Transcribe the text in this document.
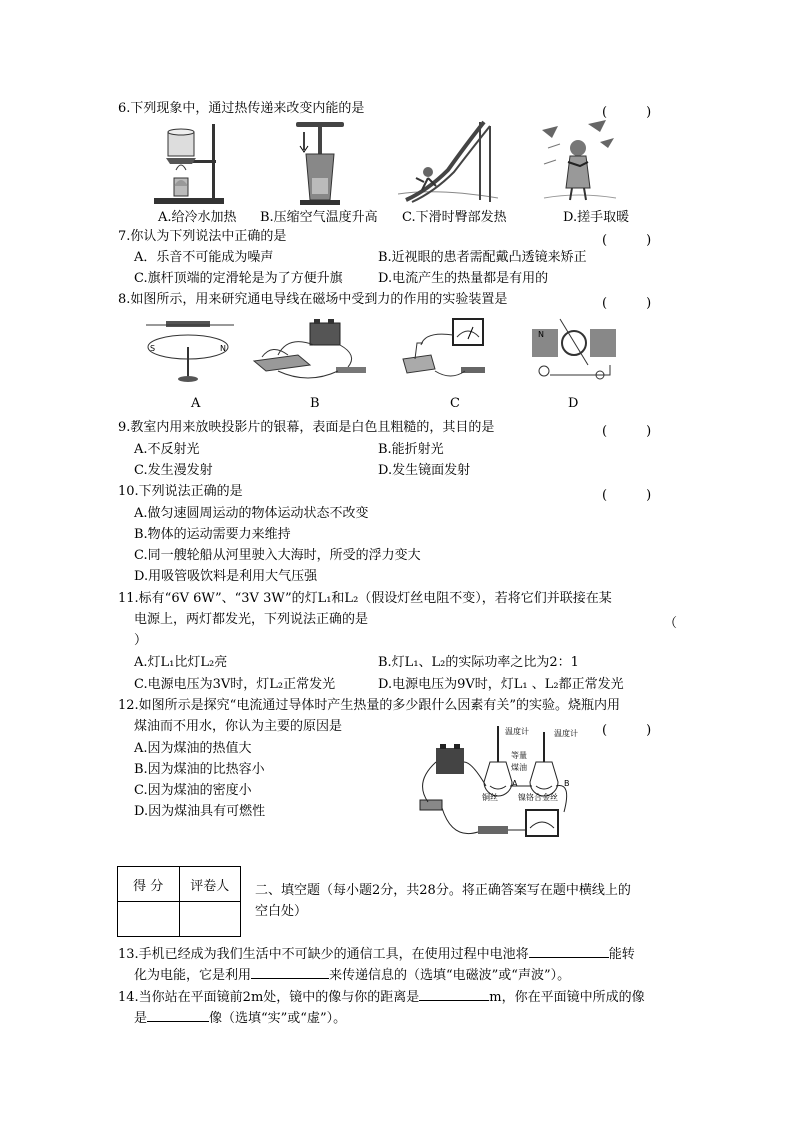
6.下列现象中，通过热传递来改变内能的是	(　　　)
A.给冷水加热 B.压缩空气温度升高 C.下滑时臀部发热	D.搓手取暖
7.你认为下列说法中正确的是	(　　　)
A．乐音不可能成为噪声	B.近视眼的患者需配戴凸透镜来矫正
C.旗杆顶端的定滑轮是为了方便升旗	D.电流产生的热量都是有用的
8.如图所示，用来研究通电导线在磁场中受到力的作用的实验装置是	(　　　)
S	N
N
A	B	C	D
9.教室内用来放映投影片的银幕，表面是白色且粗糙的，其目的是	(　　　)
A.不反射光	B.能折射光
C.发生漫发射	D.发生镜面发射
10.下列说法正确的是	(　　　)
A.做匀速圆周运动的物体运动状态不改变
B.物体的运动需要力来维持
C.同一艘轮船从河里驶入大海时，所受的浮力变大
D.用吸管吸饮料是利用大气压强
11.标有“6V 6W”、“3V 3W”的灯L₁和L₂（假设灯丝电阻不变），若将它们并联接在某
电源上，两灯都发光，下列说法正确的是	（
）
A.灯L₁比灯L₂亮	B.灯L₁、L₂的实际功率之比为2：1
C.电源电压为3V时，灯L₂正常发光	D.电源电压为9V时，灯L₁ 、L₂都正常发光
12.如图所示是探究“电流通过导体时产生热量的多少跟什么因素有关”的实验。烧瓶内用
煤油而不用水，你认为主要的原因是	(　　　)
A.因为煤油的热值大
B.因为煤油的比热容小
C.因为煤油的密度小
D.因为煤油具有可燃性
温度计	温度计
等量
煤油
A	B
铜丝	镍铬合金丝
得 分	评卷人
	二、填空题（每小题2分，共28分。将正确答案写在题中横线上的
空白处）
13.手机已经成为我们生活中不可缺少的通信工具，在使用过程中电池将	能转
化为电能，它是利用	来传递信息的（选填“电磁波”或“声波”）。
14.当你站在平面镜前2m处，镜中的像与你的距离是	m，你在平面镜中所成的像
是	像（选填“实”或“虚”）。
